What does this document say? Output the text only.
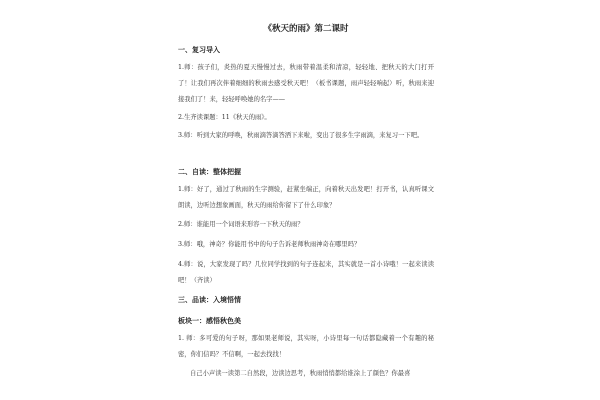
《秋天的雨》第二课时
一、复习导入
1.师：孩子们，炎热的夏天慢慢过去，秋雨带着温柔和清凉，轻轻地、把秋天的大门打开了！让我们再次伴着细细的秋雨去感受秋天吧！（板书课题，雨声轻轻响起）听，秋雨来迎接我们了！来，轻轻呼唤她的名字——
2.生齐读课题：11《秋天的雨》。
3.师：听到大家的呼唤，秋雨滴答滴答洒下来啦，变出了很多生字雨滴，来复习一下吧。
二、自读：整体把握
1.师：好了，通过了秋雨的生字测验，赶紧坐端正，向着秋天出发吧！打开书，认真听课文朗读，边听边想象画面，秋天的雨给你留下了什么印象？
2.师：谁能用一个词语来形容一下秋天的雨？
3.师：哦，神奇？你能用书中的句子告诉老师秋雨神奇在哪里吗？
4.师：说，大家发现了吗？几位同学找到的句子连起来，其实就是一首小诗哦！一起来读读吧！（齐读）
三、品读：入境悟情
板块一：感悟秋色美
1. 师：多可爱的句子呀，那如果老师说，其实呀，小诗里每一句话都隐藏着一个有趣的秘密，你们信吗？不信啊，一起去找找！
自己小声读一读第二自然段，边读边思考，秋雨悄悄都给谁涂上了颜色？你最喜
